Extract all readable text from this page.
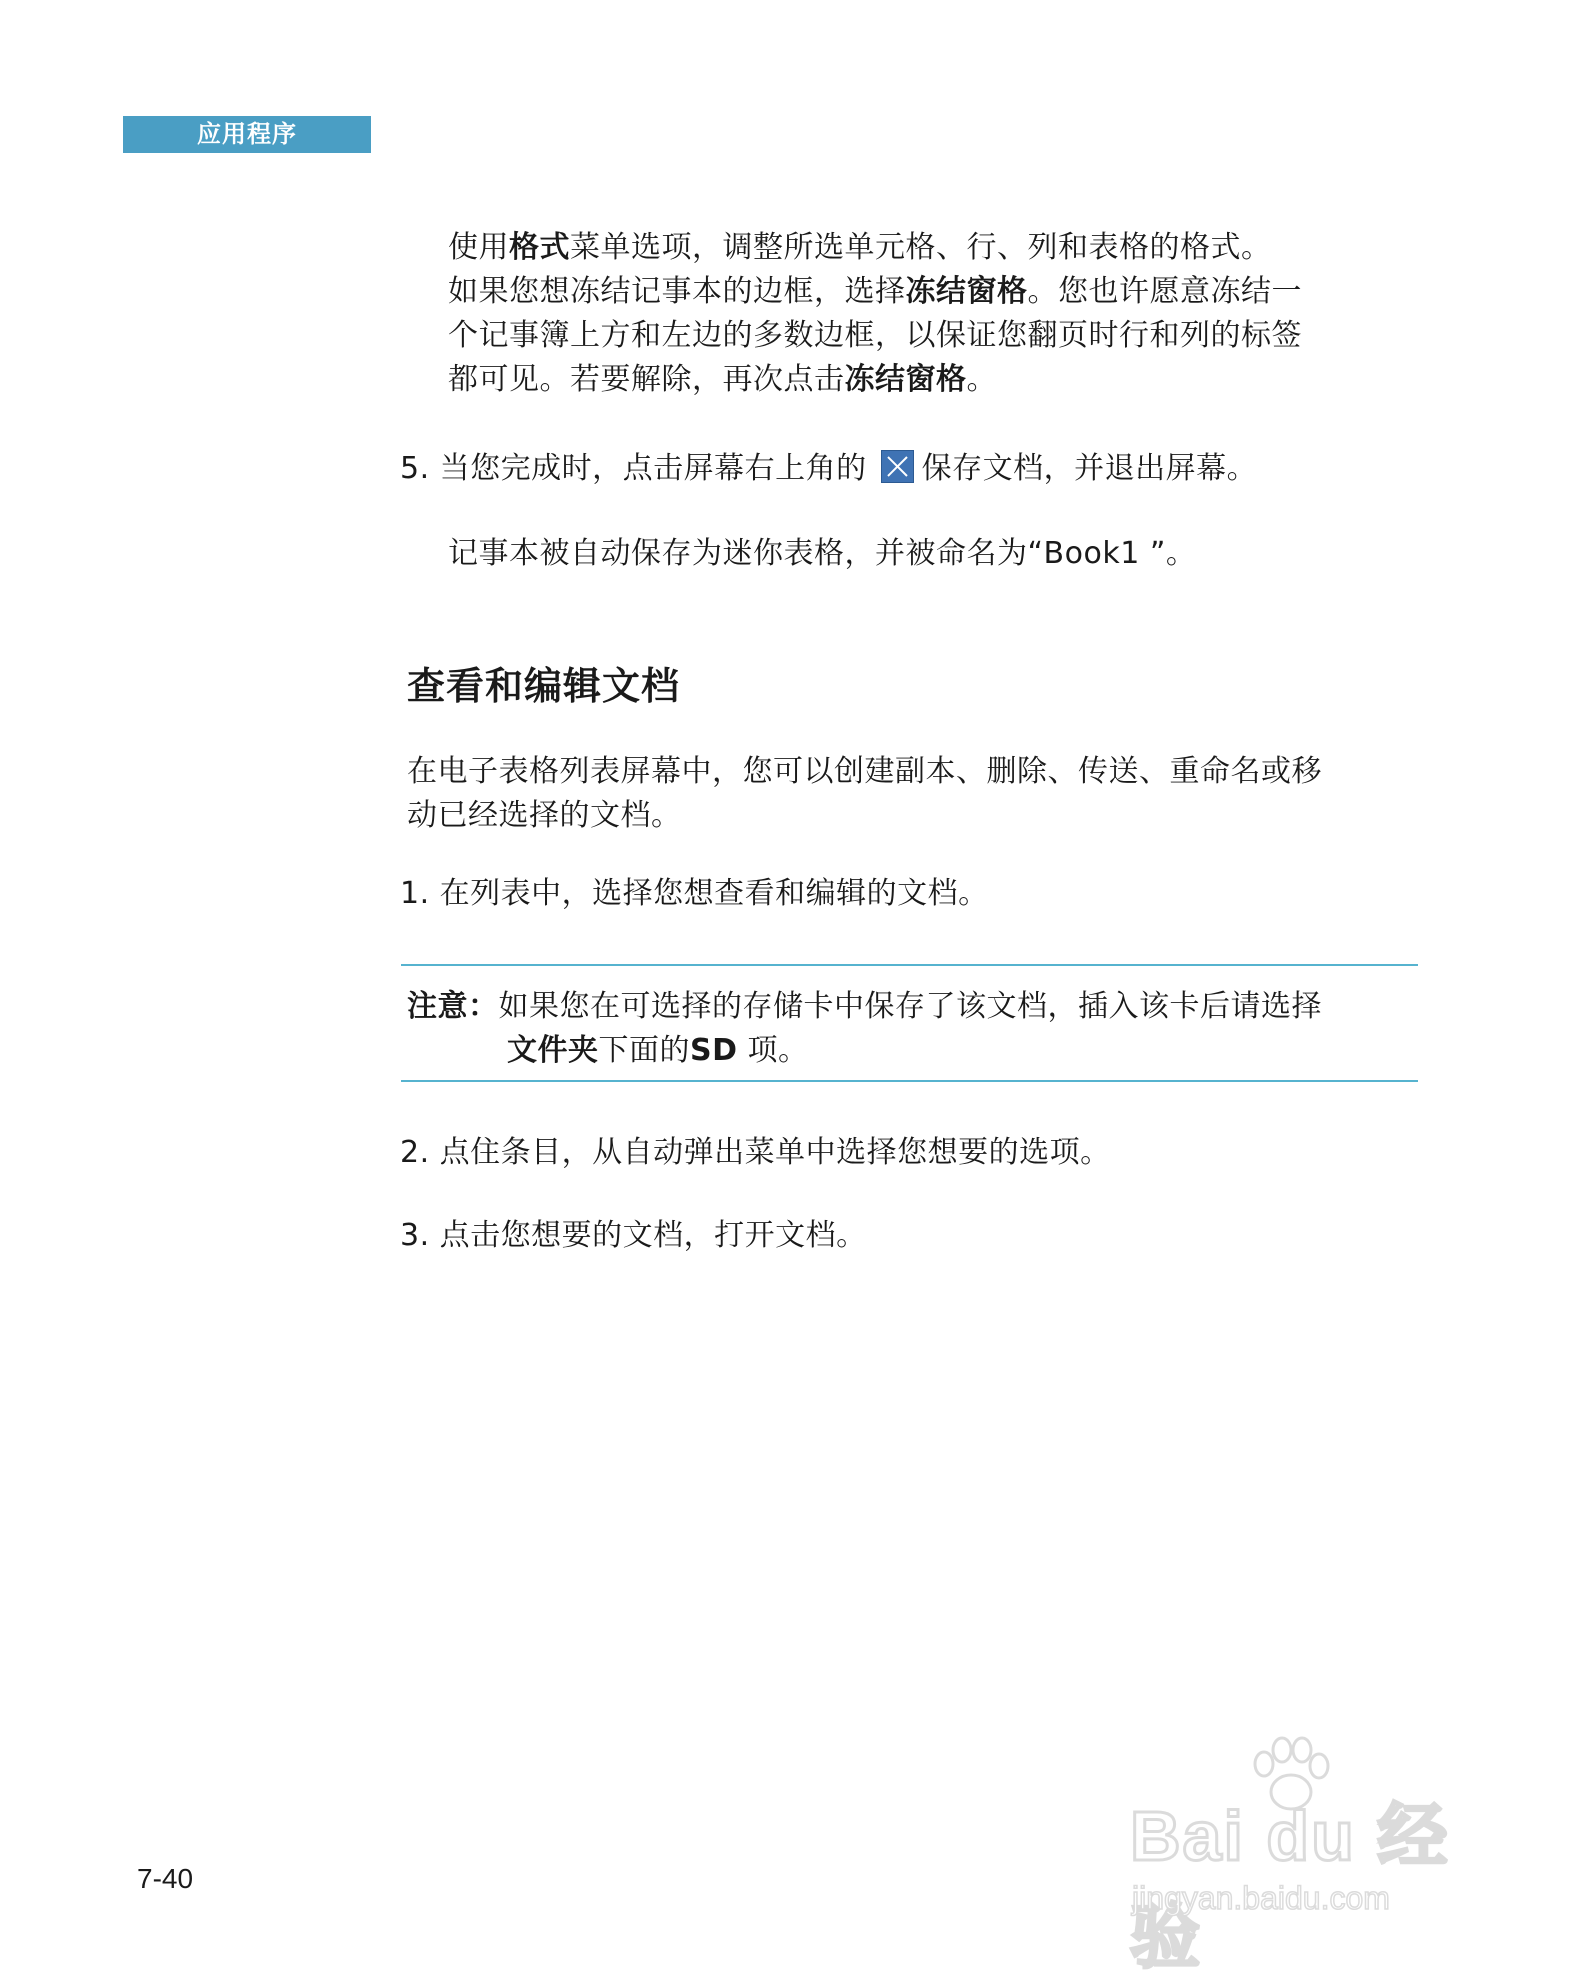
应用程序

使用格式菜单选项，调整所选单元格、行、列和表格的格式。
如果您想冻结记事本的边框，选择冻结窗格。您也许愿意冻结一
个记事簿上方和左边的多数边框，以保证您翻页时行和列的标签
都可见。若要解除，再次点击冻结窗格。

5. 当您完成时，点击屏幕右上角的 保存文档，并退出屏幕。

记事本被自动保存为迷你表格，并被命名为“Book1 ”。

查看和编辑文档

在电子表格列表屏幕中，您可以创建副本、删除、传送、重命名或移
动已经选择的文档。

1. 在列表中，选择您想查看和编辑的文档。

注意：如果您在可选择的存储卡中保存了该文档，插入该卡后请选择
文件夹下面的SD 项。

2. 点住条目，从自动弹出菜单中选择您想要的选项。

3. 点击您想要的文档，打开文档。

7-40
Bai du 经验
jingyan.baidu.com
